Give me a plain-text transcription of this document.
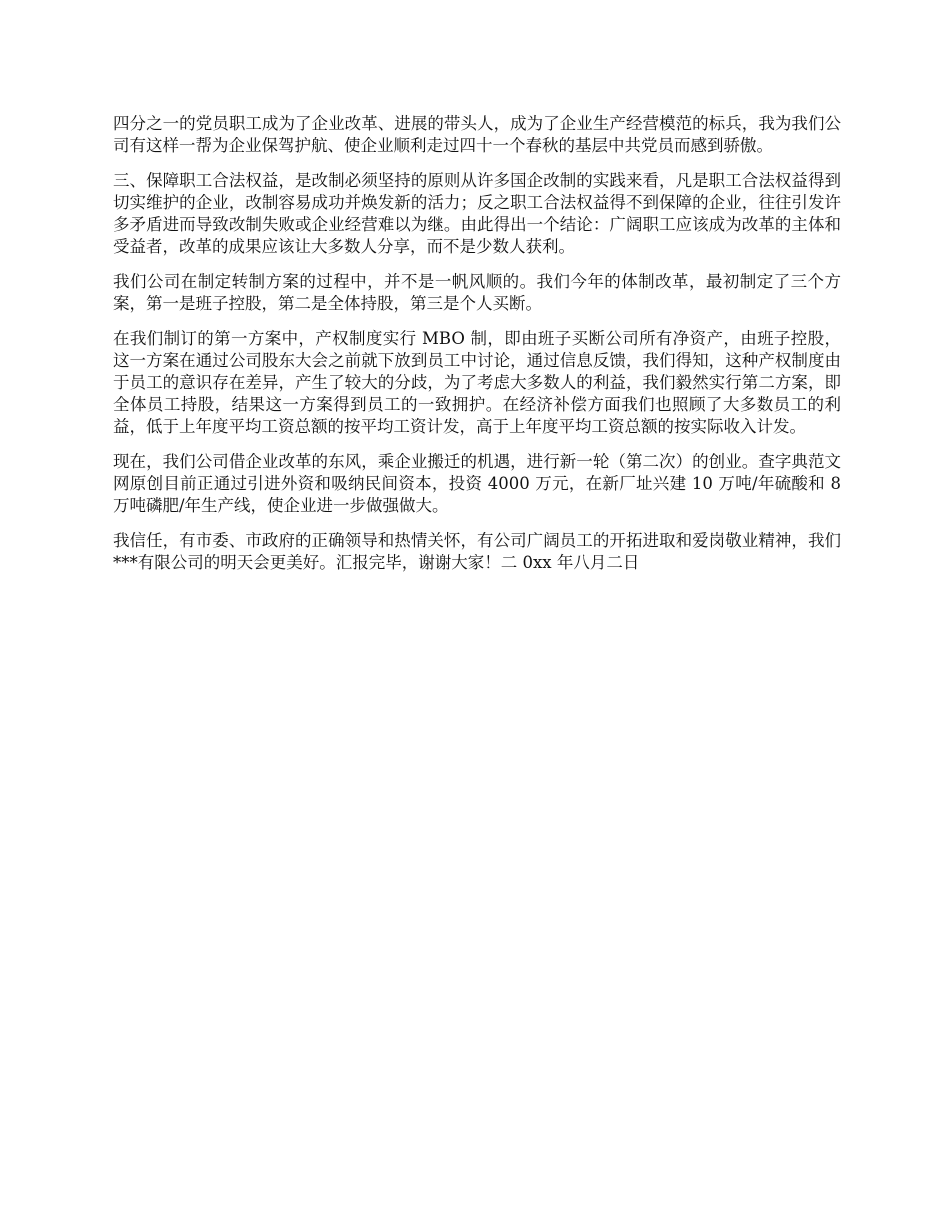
四分之一的党员职工成为了企业改革、进展的带头人，成为了企业生产经营模范的标兵，我为我们公司有这样一帮为企业保驾护航、使企业顺利走过四十一个春秋的基层中共党员而感到骄傲。

三、保障职工合法权益，是改制必须坚持的原则从许多国企改制的实践来看，凡是职工合法权益得到切实维护的企业，改制容易成功并焕发新的活力；反之职工合法权益得不到保障的企业，往往引发许多矛盾进而导致改制失败或企业经营难以为继。由此得出一个结论：广阔职工应该成为改革的主体和受益者，改革的成果应该让大多数人分享，而不是少数人获利。

我们公司在制定转制方案的过程中，并不是一帆风顺的。我们今年的体制改革，最初制定了三个方案，第一是班子控股，第二是全体持股，第三是个人买断。

在我们制订的第一方案中，产权制度实行 MBO 制，即由班子买断公司所有净资产，由班子控股，这一方案在通过公司股东大会之前就下放到员工中讨论，通过信息反馈，我们得知，这种产权制度由于员工的意识存在差异，产生了较大的分歧，为了考虑大多数人的利益，我们毅然实行第二方案，即全体员工持股，结果这一方案得到员工的一致拥护。在经济补偿方面我们也照顾了大多数员工的利益，低于上年度平均工资总额的按平均工资计发，高于上年度平均工资总额的按实际收入计发。

现在，我们公司借企业改革的东风，乘企业搬迁的机遇，进行新一轮（第二次）的创业。查字典范文网原创目前正通过引进外资和吸纳民间资本，投资 4000 万元，在新厂址兴建 10 万吨/年硫酸和 8 万吨磷肥/年生产线，使企业进一步做强做大。

我信任，有市委、市政府的正确领导和热情关怀，有公司广阔员工的开拓进取和爱岗敬业精神，我们***有限公司的明天会更美好。汇报完毕，谢谢大家！二 0xx 年八月二日
